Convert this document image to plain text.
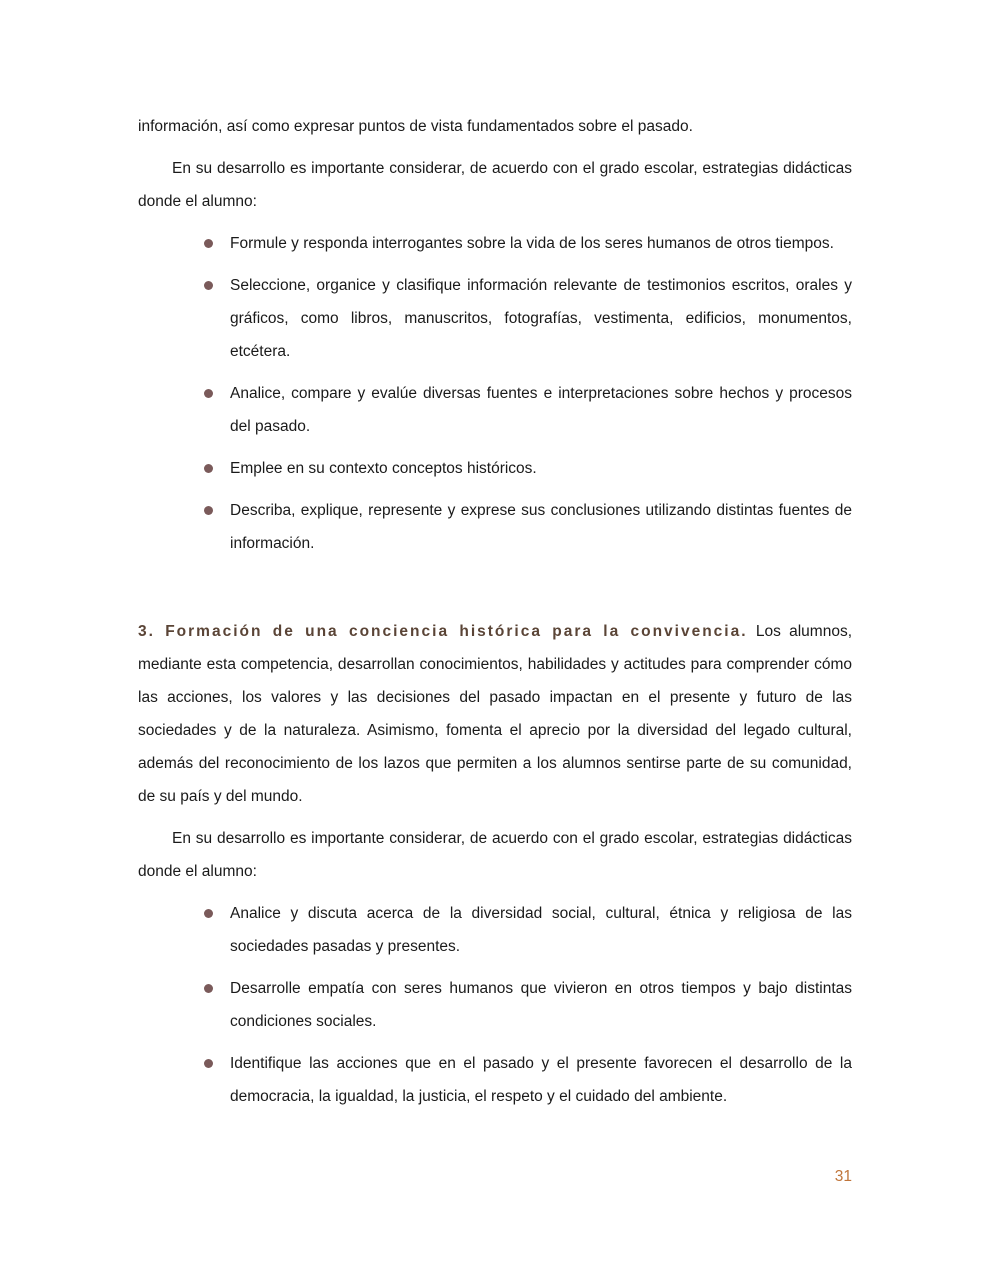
información, así como expresar puntos de vista fundamentados sobre el pasado.

En su desarrollo es importante considerar, de acuerdo con el grado escolar, estrategias didácticas donde el alumno:

Formule y responda interrogantes sobre la vida de los seres humanos de otros tiempos.
Seleccione, organice y clasifique información relevante de testimonios escritos, orales y gráficos, como libros, manuscritos, fotografías, vestimenta, edificios, monumentos, etcétera.
Analice, compare y evalúe diversas fuentes e interpretaciones sobre hechos y procesos del pasado.
Emplee en su contexto conceptos históricos.
Describa, explique, represente y exprese sus conclusiones utilizando distintas fuentes de información.

3. Formación de una conciencia histórica para la convivencia. Los alumnos, mediante esta competencia, desarrollan conocimientos, habilidades y actitudes para comprender cómo las acciones, los valores y las decisiones del pasado impactan en el presente y futuro de las sociedades y de la naturaleza. Asimismo, fomenta el aprecio por la diversidad del legado cultural, además del reconocimiento de los lazos que permiten a los alumnos sentirse parte de su comunidad, de su país y del mundo.

En su desarrollo es importante considerar, de acuerdo con el grado escolar, estrategias didácticas donde el alumno:

Analice y discuta acerca de la diversidad social, cultural, étnica y religiosa de las sociedades pasadas y presentes.
Desarrolle empatía con seres humanos que vivieron en otros tiempos y bajo distintas condiciones sociales.
Identifique las acciones que en el pasado y el presente favorecen el desarrollo de la democracia, la igualdad, la justicia, el respeto y el cuidado del ambiente.
31
